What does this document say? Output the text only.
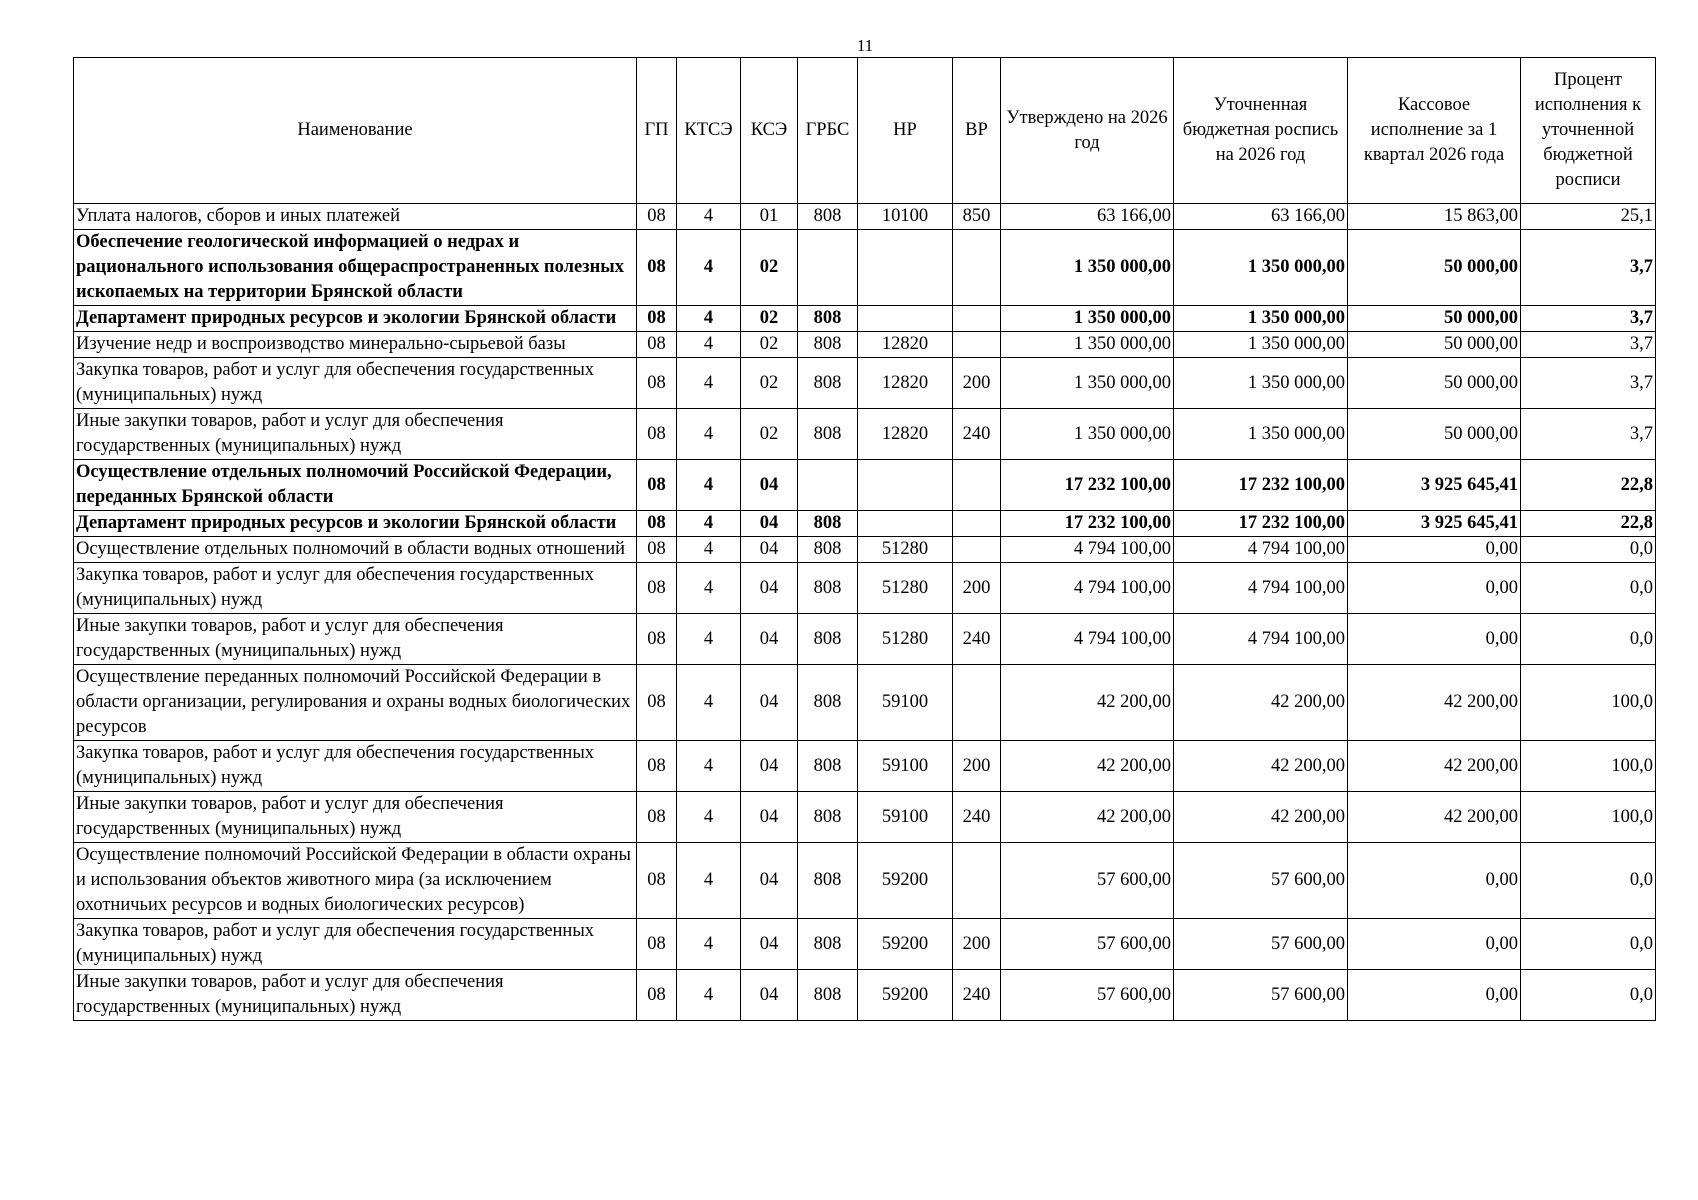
11
Наименование	ГП	КТСЭ	КСЭ	ГРБС	НР	ВР	Утверждено на 2026 год	Уточненная бюджетная роспись на 2026 год	Кассовое исполнение за 1 квартал 2026 года	Процент исполнения к уточненной бюджетной росписи
Уплата налогов, сборов и иных платежей	08	4	01	808	10100	850	63 166,00	63 166,00	15 863,00	25,1
Обеспечение геологической информацией о недрах и рационального использования общераспространенных полезных ископаемых на территории Брянской области	08	4	02				1 350 000,00	1 350 000,00	50 000,00	3,7
Департамент природных ресурсов и экологии Брянской области	08	4	02	808			1 350 000,00	1 350 000,00	50 000,00	3,7
Изучение недр и воспроизводство минерально-сырьевой базы	08	4	02	808	12820		1 350 000,00	1 350 000,00	50 000,00	3,7
Закупка товаров, работ и услуг для обеспечения государственных (муниципальных) нужд	08	4	02	808	12820	200	1 350 000,00	1 350 000,00	50 000,00	3,7
Иные закупки товаров, работ и услуг для обеспечения государственных (муниципальных) нужд	08	4	02	808	12820	240	1 350 000,00	1 350 000,00	50 000,00	3,7
Осуществление отдельных полномочий Российской Федерации, переданных Брянской области	08	4	04				17 232 100,00	17 232 100,00	3 925 645,41	22,8
Департамент природных ресурсов и экологии Брянской области	08	4	04	808			17 232 100,00	17 232 100,00	3 925 645,41	22,8
Осуществление отдельных полномочий в области водных отношений	08	4	04	808	51280		4 794 100,00	4 794 100,00	0,00	0,0
Закупка товаров, работ и услуг для обеспечения государственных (муниципальных) нужд	08	4	04	808	51280	200	4 794 100,00	4 794 100,00	0,00	0,0
Иные закупки товаров, работ и услуг для обеспечения государственных (муниципальных) нужд	08	4	04	808	51280	240	4 794 100,00	4 794 100,00	0,00	0,0
Осуществление переданных полномочий Российской Федерации в области организации, регулирования и охраны водных биологических ресурсов	08	4	04	808	59100		42 200,00	42 200,00	42 200,00	100,0
Закупка товаров, работ и услуг для обеспечения государственных (муниципальных) нужд	08	4	04	808	59100	200	42 200,00	42 200,00	42 200,00	100,0
Иные закупки товаров, работ и услуг для обеспечения государственных (муниципальных) нужд	08	4	04	808	59100	240	42 200,00	42 200,00	42 200,00	100,0
Осуществление полномочий Российской Федерации в области охраны и использования объектов животного мира (за исключением охотничьих ресурсов и водных биологических ресурсов)	08	4	04	808	59200		57 600,00	57 600,00	0,00	0,0
Закупка товаров, работ и услуг для обеспечения государственных (муниципальных) нужд	08	4	04	808	59200	200	57 600,00	57 600,00	0,00	0,0
Иные закупки товаров, работ и услуг для обеспечения государственных (муниципальных) нужд	08	4	04	808	59200	240	57 600,00	57 600,00	0,00	0,0
